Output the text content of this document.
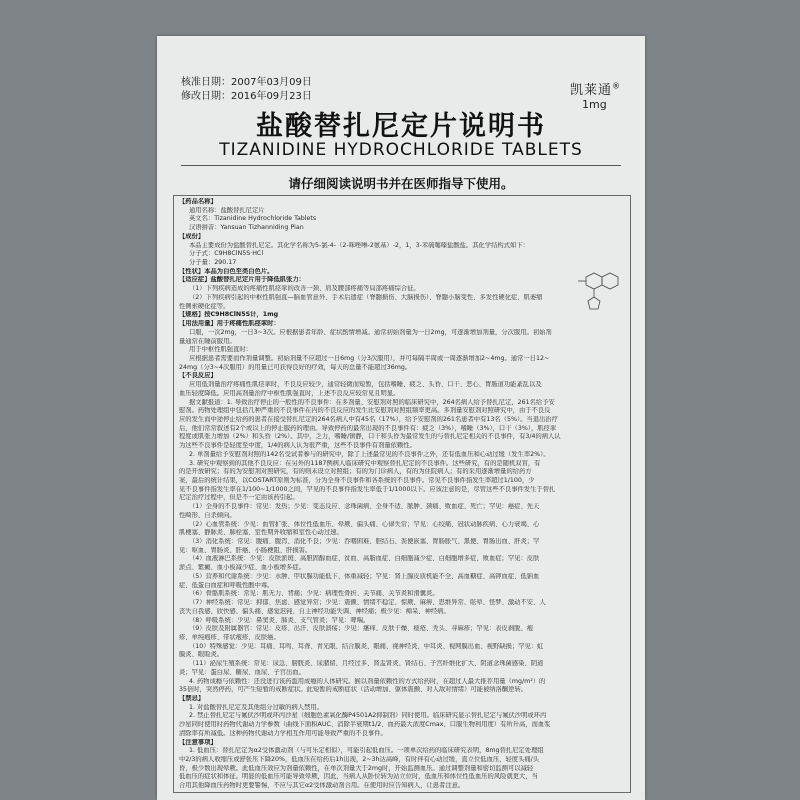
核准日期：2007年03月09日
修改日期：2016年09月23日	凯莱通®
1mg
盐酸替扎尼定片说明书
TIZANIDINE HYDROCHLORIDE TABLETS
请仔细阅读说明书并在医师指导下使用。
【药品名称】
通用名称：盐酸替扎尼定片
英文名：Tizanidine Hydrochloride Tablets
汉语拼音：Yansuan Tizhanniding Pian
【成份】
本品主要成份为盐酸替扎尼定。其化学名称为5-氯-4-（2-咪唑啉-2氨基）-2，1，3-苯硫噻嗪盐酸盐。其化学结构式如下：
分子式：C9H8ClN5S·HCl
分子量：290.17
【性状】本品为白色至类白色片。
【适应症】盐酸替扎尼定片用于降低肌张力：
（1）下列疾病造成的疼痛性肌痉挛的改善一颈、肩及腰部疼痛等局部疼痛综合征。
（2）下列疾病引起的中枢性肌强直—脑血管意外、手术后遗症（脊髓损伤、大脑损伤）、脊髓小脑变性、多发性硬化症、肌萎缩
性侧索硬化症等。
【规格】按C9H8ClN5S计，1mg
【用法用量】用于疼痛性肌痉挛时：
口服，一次2mg，一日3~3次。应根据患者年龄、症状酌情增减。通常初始剂量为一日2mg，可逐渐增加剂量，分次服用。初始剂
量通常在睡前服用。
用于中枢性肌强直时：
应根据患者需要而作剂量调整。初始剂量不应超过一日6mg（分3次服用），并可每隔半周或一周逐渐增加2~4mg。通常一日12~
24mg（分3~4次服用）的用量已可获得良好的疗效，每天的总量不能超过36mg。
【不良反应】
应用低剂量治疗疼痛性肌痉挛时，不良反应较少，通常轻微而短暂，包括嗜睡、疲乏、头昏、口干、恶心、胃肠道功能紊乱以及
血压轻度降低。应用高剂量治疗中枢性肌强直时，上述不良反应较常见且明显。
据文献报道：1. 导致治疗停止的一般性的不良事件：在多剂量、安慰剂对照的临床研究中，264名病人给予替扎尼定，261名给予安
慰剂。药物处理组中包括几种严重的不良事件在内的不良反应的发生比安慰剂对照组频率更高。多剂量安慰剂对照研究中，由于不良反
应的发生而中途停止给药的患者在接受替扎尼定的264名病人中有45名（17%），给予安慰剂的261名患者中有13名（5%）。当退出治疗
后，他们常常叙述有2个或以上的停止服药的理由。导致停药的最常出现的不良事件有：疲乏（3%），嗜睡（3%），口干（3%），肌痉挛
程度或肌张力增加（2%）和头昏（2%）。其中，乏力，嗜睡/镇静，口干和头昏为最常发生的与替扎尼定相关的不良事件，有3/4的病人认
为这些不良事件是轻度至中度，1/4的病人认为很严重，这些不良事件有剂量依赖性。
2. 单剂量给予安慰剂对照的142名受试者参与的研究中，除了上述最常见的不良事件之外，还有低血压和心动过缓（发生率2%）。
3. 研究中观察到的其他不良反应：在另外的1187例病人临床研究中观察替扎尼定的不良事件。这些研究，有的是随机双盲，有
的是开放研究；有的为安慰剂对照研究，有的则未设立对照组；有的为门诊病人，有的为住院病人；有的采用逐渐增量的给药方
案，最后的统计结果，以COSTART原则为标准，分为全身不良事件和各系统的不良事件。常见不良事件指发生率超过1/100，少
见不良事件指发生率在1/100~1/1000之间，罕见的不良事件指发生率低于1/1000以下。应该注意的是，尽管这些不良事件发生于替扎
尼定治疗过程中，但是不一定由该药引起。
（1）全身的不良事件：常见：发热；少见：变态反应、念珠菌病、全身不适、脓肿、颈痛、败血症、死亡；罕见：癌症、先天
性畸形、自杀倾向。
（2）心血管系统：少见：血管扩张、体位性低血压、晕厥、偏头痛、心律失常；罕见：心绞痛、冠状动脉疾病、心力衰竭、心
肌梗塞、静脉炎、肺栓塞、室性期外收缩和室性心动过速。
（3）消化系统：常见：腹痛、腹泻、消化不良；少见：吞咽困难、胆结石、粪便嵌塞、胃肠胀气、黑便、胃肠出血、肝炎；罕
见：呕血、胃肠炎、肝癌、小肠梗阻、肝损害。
（4）血液淋巴系统：少见：皮肤淤斑、高胆固醇血症、贫血、高脂血症、白细胞减少症、白细胞增多症、败血症；罕见：皮肤
淤点、紫癜、血小板减少症、血小板增多症。
（5）营养和代谢系统：少见：水肿、甲状腺功能低下、体重减轻；罕见：肾上腺皮质机能不全、高血糖症、高钾血症、低钠血
症、低蛋白血症和呼吸性酸中毒。
（6）骨骼肌系统：常见：肌无力、背痛；少见：病理性骨折、关节痛、关节炎和滑囊炎。
（7）神经系统：常见：抑郁、焦虑、感觉异常；少见：震颤、情绪不稳定、惊厥、麻痹、思维异常、眩晕、怪梦、激动不安、人
丧失自我感、欣快感、偏头痛、感觉迟钝、自主神经功能失调、神经痛；极少见：痴呆、神经病。
（8）呼吸系统：少见：鼻窦炎、肺炎、支气管炎；罕见：哮喘。
（9）皮肤及附属器官：常见：皮疹、出汗、皮肤溃疡；少见：瘙痒、皮肤干燥、痤疮、秃头、荨麻疹；罕见：表皮剥脱、疱
疹、单纯疱疹、带状疱疹、皮肤癌。
（10）特殊感觉：少见：耳痛、耳鸣、耳聋、青光眼、结合膜炎、眼痛、视神经炎、中耳炎、视网膜出血、视野缺损；罕见：虹
膜炎、眼睑炎。
（11）泌尿生殖系统：常见：尿急、膀胱炎、尿潴留、月经过多、肾盂肾炎、肾结石、子宫纤维化扩大、阴道念珠菌感染、阴道
炎；罕见：蛋白尿、糖尿、血尿、子宫出血。
4. 药物成瘾与依赖性：还没进行该药滥用成瘾的人体研究。猴以剂量依赖性的方式给药时，在超过人最大推荐用量（mg/m²）的
35倍时，突然停药，可产生短暂的戒断症状。此短暂的戒断症状（活动增加、躯体震颤、对人敌对情绪）可能被纳洛酮逆转。
【禁忌】
1. 对盐酸替扎尼定及其他组分过敏的病人禁用。
2. 禁止替扎尼定与氟伏沙明或环丙沙星（细胞色素氧化酶P4501A2抑制剂）同时使用。临床研究显示替扎尼定与氟伏沙明或环丙
沙星同时使用时药物代谢动力学参数（曲线下面积AUC、消除半衰期t1/2、血药最大浓度Cmax、口服生物利用度）有所升高，而血浆
清除率有所减低。这种药物代谢动力学相互作用可能导致严重的不良事件。
【注意事项】
1. 低血压：替扎尼定为α2受体激动剂（与可乐定相似），可能引起低血压。一项单次给药的临床研究表明，8mg替扎尼定处理组
中2/3的病人收缩压或舒张压下降20%，低血压在给药后1h出现，2~3h达高峰，有时伴有心动过缓，直立位低血压，轻度头痛/头
昏，极少数出现晕厥。此低血压效应为剂量依赖性，在单次剂量大于2mg时，开始监测血压。通过调整剂量和密切监测可以减轻
低血压的症状和体征。明显的低血压可能导致晕厥，因此，当病人从卧位转为站立位时，低血压和体位性低血压的风险就更大，当
合用其他降血压药物时更要警惕，不应与其它α2受体激动剂合用。在使用时应告知病人，让患者注意。
